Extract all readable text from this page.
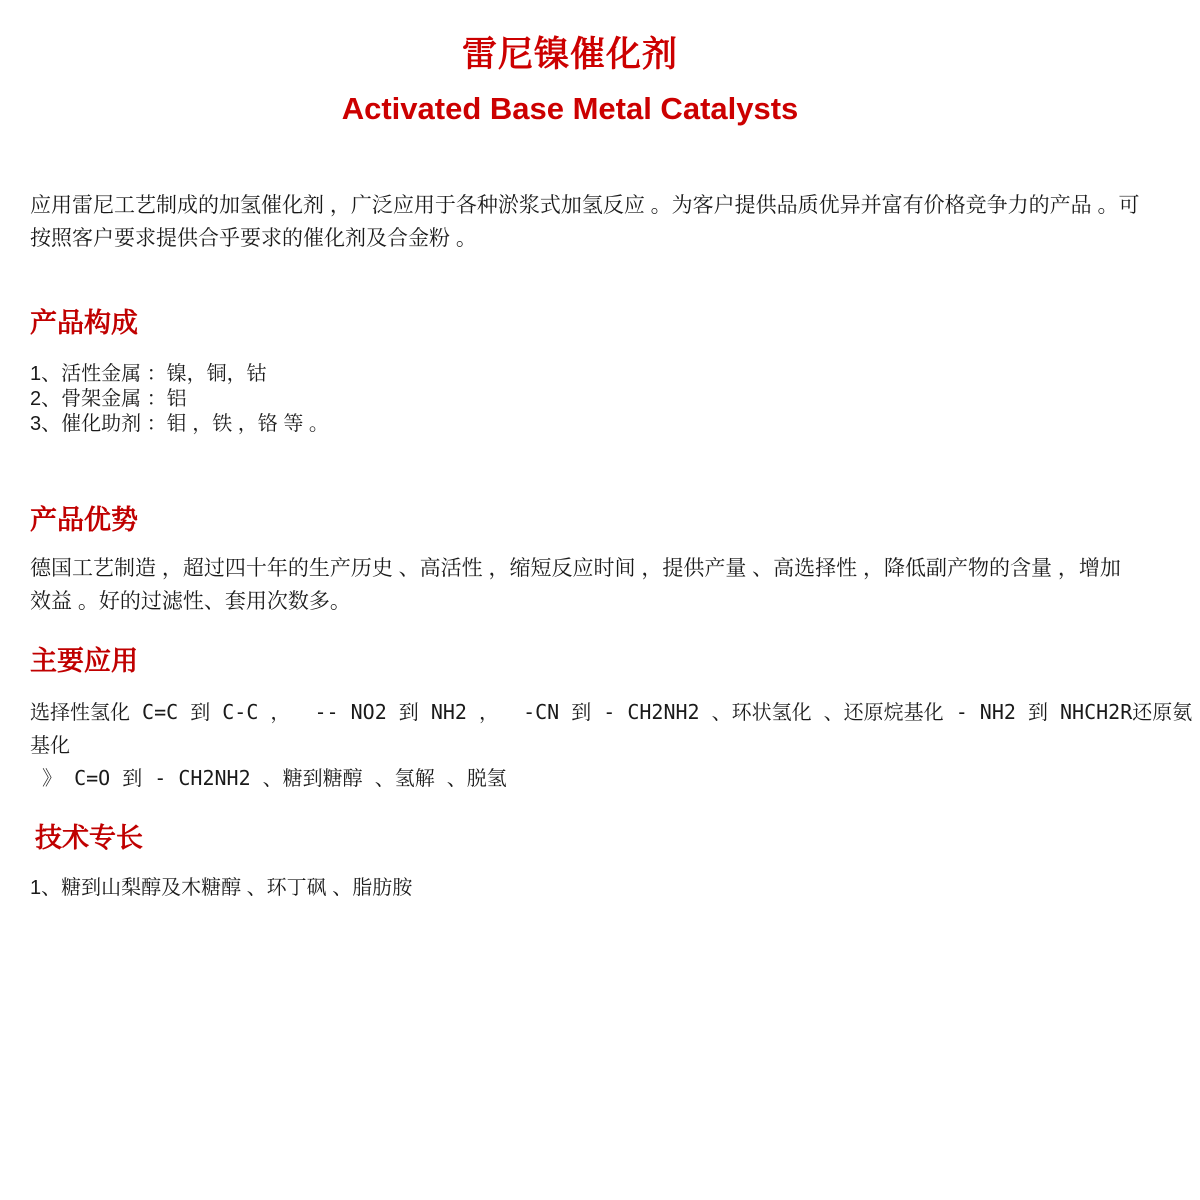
雷尼镍催化剂
Activated Base Metal Catalysts

应用雷尼工艺制成的加氢催化剂 ，广泛应用于各种淤浆式加氢反应 。为客户提供品质优异并富有价格竞争力的产品 。可
按照客户要求提供合乎要求的催化剂及合金粉 。

产品构成
1、活性金属 ：镍，铜，钴
2、骨架金属 ：铝
3、催化助剂 ：钼 ，铁 ，铬 等 。
产品优势

德国工艺制造 ，超过四十年的生产历史 、高活性 ，缩短反应时间 ，提供产量 、高选择性 ，降低副产物的含量 ，增加
效益 。好的过滤性、套用次数多。

主要应用

选择性氢化 C=C 到 C-C ，  -- NO2 到 NH2 ，  -CN 到 - CH2NH2 、环状氢化 、还原烷基化 - NH2 到 NHCH2R还原氨基化
》 C=O 到 - CH2NH2 、糖到糖醇 、氢解 、脱氢

技术专长
1、糖到山梨醇及木糖醇 、环丁砜 、脂肪胺
